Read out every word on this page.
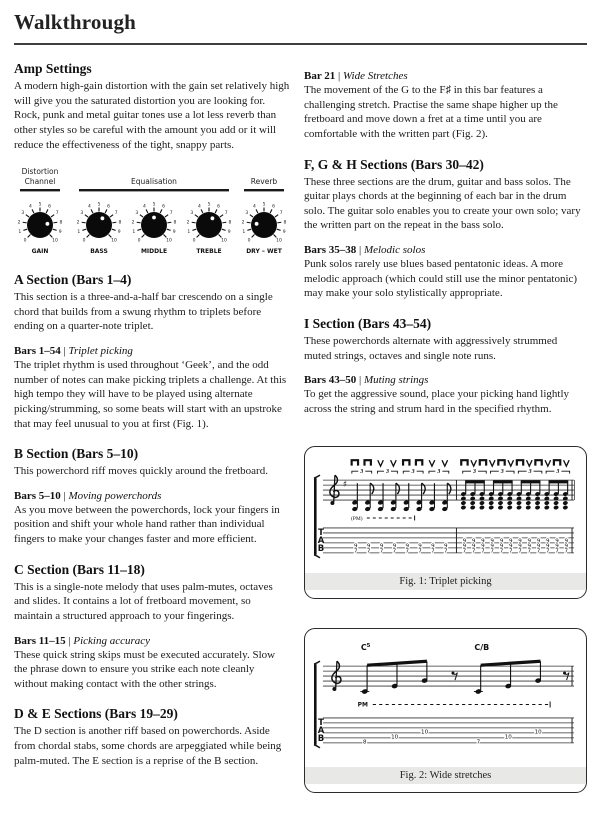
Walkthrough
Amp Settings

A modern high-gain distortion with the gain set relatively high will give you the saturated distortion you are looking for. Rock, punk and metal guitar tones use a lot less reverb than other styles so be careful with the amount you add or it will reduce the effectiveness of the tight, snappy parts.

Distortion
Channel
0
1
2
3
4 5 6
7
8
9
10
GAIN
Equalisation
0
1
2
3
4 5 6
7
8
9
10
BASS
0
1
2
3
4 5 6
7
8
9
10
MIDDLE
0
1
2
3
4 5 6
7
8
9
10
TREBLE
Reverb
0
1
2
3
4 5 6
7
8
9
10
DRY – WET
A Section (Bars 1–4)

This section is a three-and-a-half bar crescendo on a single chord that builds from a swung rhythm to triplets before ending on a quarter-note triplet.

Bars 1–54 | Triplet picking

The triplet rhythm is used throughout ‘Geek’, and the odd number of notes can make picking triplets a challenge. At this high tempo they will have to be played using alternate picking/strumming, so some beats will start with an upstroke that may feel unusual to you at first (Fig. 1).

B Section (Bars 5–10)

This powerchord riff moves quickly around the fretboard.

Bars 5–10 | Moving powerchords

As you move between the powerchords, lock your fingers in position and shift your whole hand rather than individual fingers to make your changes faster and more efficient.

C Section (Bars 11–18)

This is a single-note melody that uses palm-mutes, octaves and slides. It contains a lot of fretboard movement, so maintain a structured approach to your fingerings.

Bars 11–15 | Picking accuracy

These quick string skips must be executed accurately. Slow the phrase down to ensure you strike each note cleanly without making contact with the other strings.

D & E Sections (Bars 19–29)

The D section is another riff based on powerchords. Aside from chordal stabs, some chords are arpeggiated while being palm-muted. The E section is a reprise of the B section.

Bar 21 | Wide Stretches

The movement of the G to the F♯ in this bar features a challenging stretch. Practise the same shape higher up the fretboard and move down a fret at a time until you are comfortable with the written part (Fig. 2).

F, G & H Sections (Bars 30–42)

These three sections are the drum, guitar and bass solos. The guitar plays chords at the beginning of each bar in the drum solo. The guitar solo enables you to create your own solo; vary the written part on the repeat in the bass solo.

Bars 35–38 | Melodic solos

Punk solos rarely use blues based pentatonic ideas. A more melodic approach (which could still use the minor pentatonic) may make your solo stylistically appropriate.

I Section (Bars 43–54)

These powerchords alternate with aggressively strummed muted strings, octaves and single note runs.

Bars 43–50 | Muting strings

To get the aggressive sound, place your picking hand lightly across the string and strum hard in the specified rhythm.

♯
T
A
B	9
7
9
7
9
7
9
7
9
7
9
7
9
7
9
7
3	3	3	3
(PM)
9
9
7
9
9
7
9
9
7
9
9
7
9
9
7
9
9
7
9
9
7
9
9
7
9
9
7
9
9
7
9
9
7
9
9
7
3	3	3	3
Fig. 1: Triplet picking
T
A
B
$C^5$
8
10
10
C/B
7
10
10
PM
Fig. 2: Wide stretches
